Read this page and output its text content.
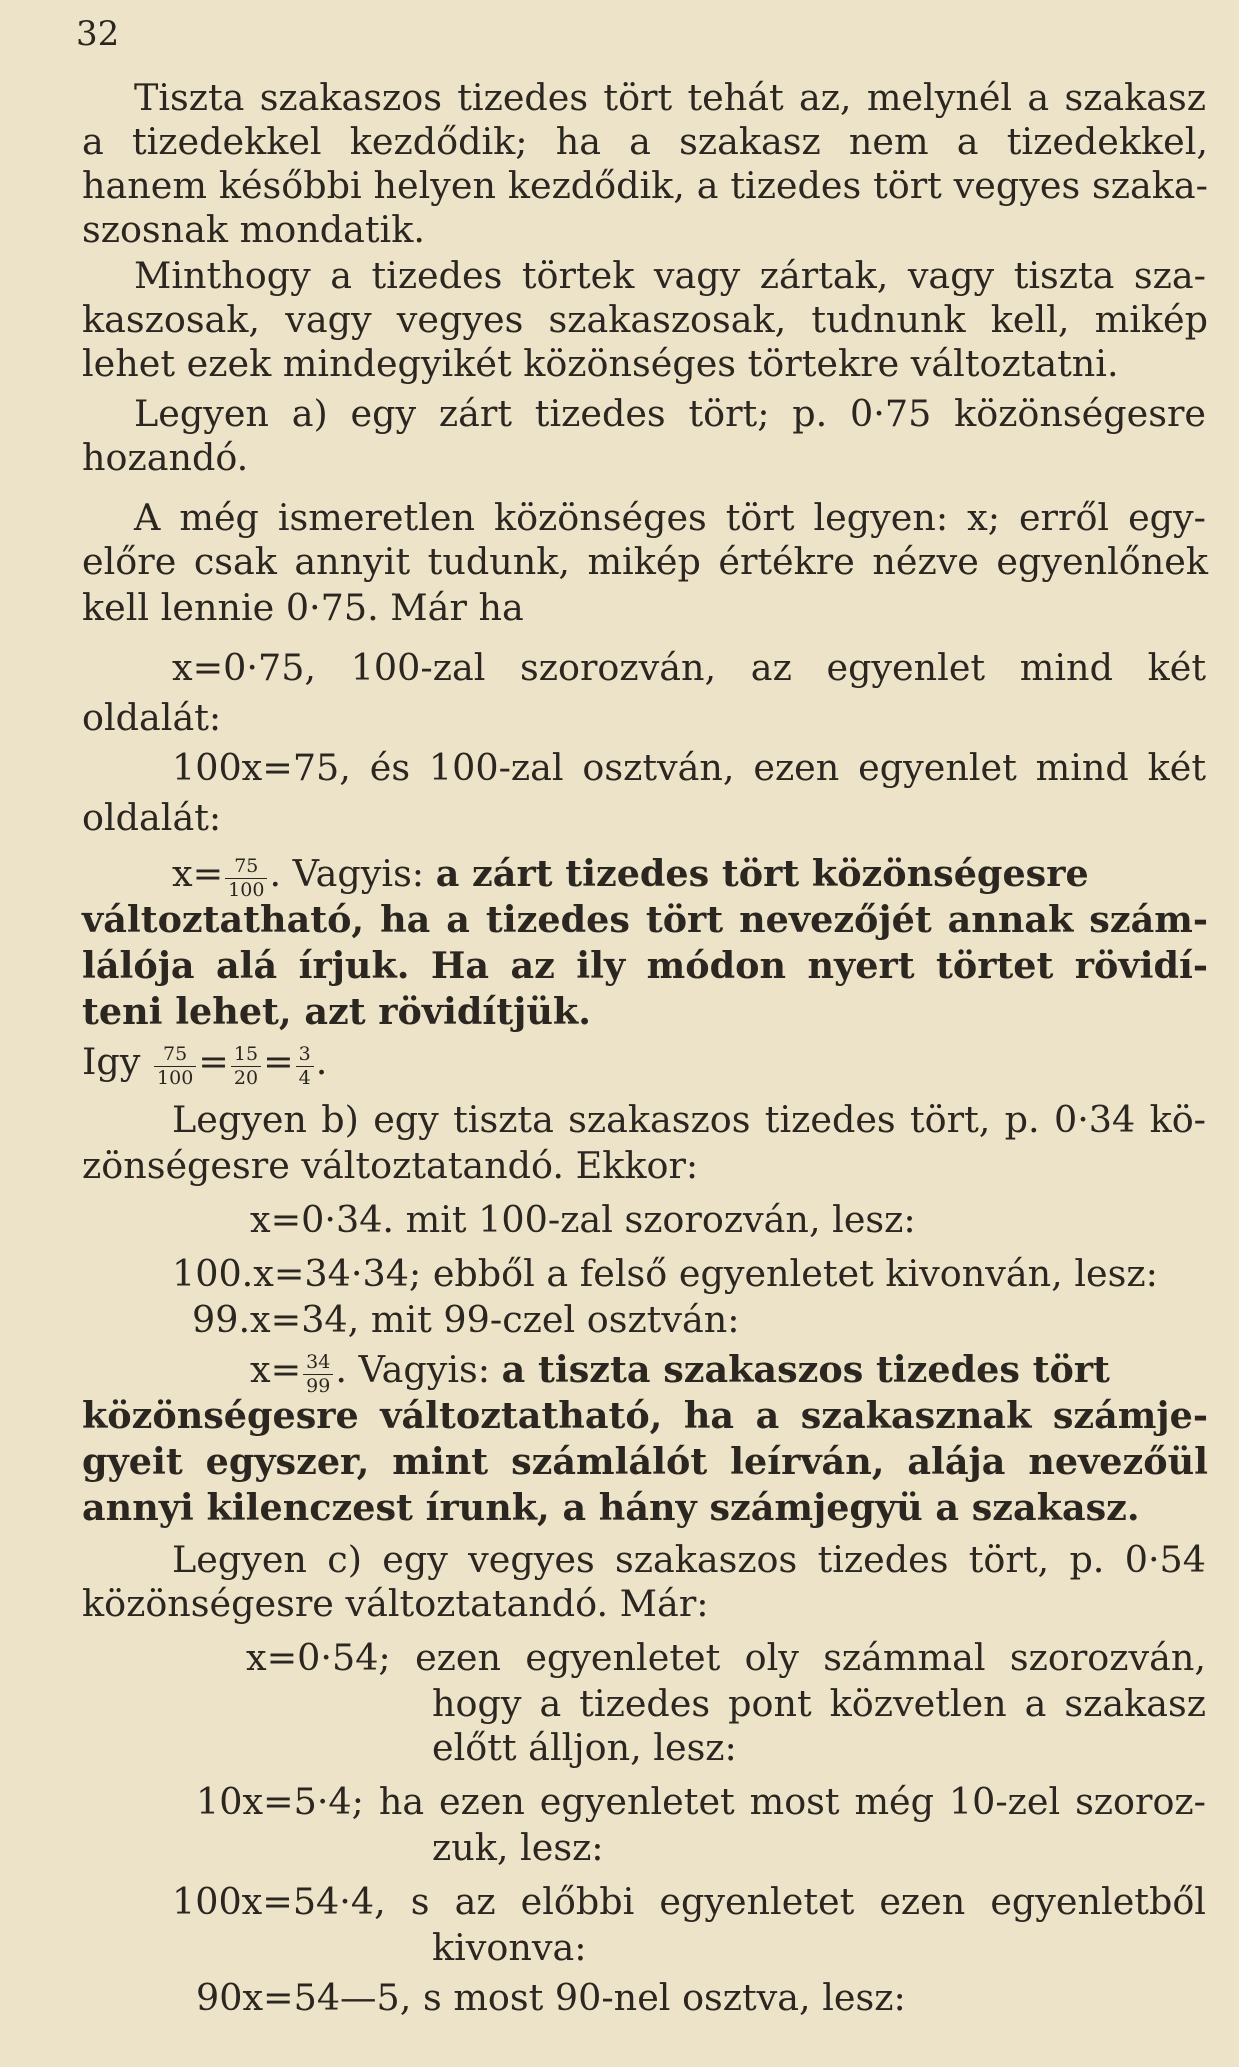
32
Tiszta szakaszos tizedes tört tehát az, melynél a szakasz
a tizedekkel kezdődik; ha a szakasz nem a tizedekkel,
hanem későbbi helyen kezdődik, a tizedes tört vegyes szaka-
szosnak mondatik.
Minthogy a tizedes törtek vagy zártak, vagy tiszta sza-
kaszosak, vagy vegyes szakaszosak, tudnunk kell, mikép
lehet ezek mindegyikét közönséges törtekre változtatni.
Legyen a) egy zárt tizedes tört; p. 0·75 közönségesre
hozandó.
A még ismeretlen közönséges tört legyen: x; erről egy-
előre csak annyit tudunk, mikép értékre nézve egyenlőnek
kell lennie 0·75. Már ha
x=0·75, 100-zal szorozván, az egyenlet mind két
oldalát:
100x=75, és 100-zal osztván, ezen egyenlet mind két
oldalát:
$x= \frac{75}{100}$ . Vagyis: a zárt tizedes tört közönségesre
változtatható, ha a tizedes tört nevezőjét annak szám-
lálója alá írjuk. Ha az ily módon nyert törtet rövidí-
teni lehet, azt rövidítjük.
Igy $\frac{75}{100} = \frac{15}{20} = \frac{3}{4}$ .
Legyen b) egy tiszta szakaszos tizedes tört, p. 0·34 kö-
zönségesre változtatandó. Ekkor:
x=0·34. mit 100-zal szorozván, lesz:
100.x=34·34; ebből a felső egyenletet kivonván, lesz:
99.x=34, mit 99-czel osztván:
$x= \frac{34}{99}$ . Vagyis: a tiszta szakaszos tizedes tört
közönségesre változtatható, ha a szakasznak számje-
gyeit egyszer, mint számlálót leírván, alája nevezőül
annyi kilenczest írunk, a hány számjegyü a szakasz.
Legyen c) egy vegyes szakaszos tizedes tört, p. 0·54
közönségesre változtatandó. Már:
x=0·54; ezen egyenletet oly számmal szorozván,
hogy a tizedes pont közvetlen a szakasz
előtt álljon, lesz:
10x=5·4; ha ezen egyenletet most még 10-zel szoroz-
zuk, lesz:
100x=54·4, s az előbbi egyenletet ezen egyenletből
kivonva:
90x=54—5, s most 90-nel osztva, lesz:
